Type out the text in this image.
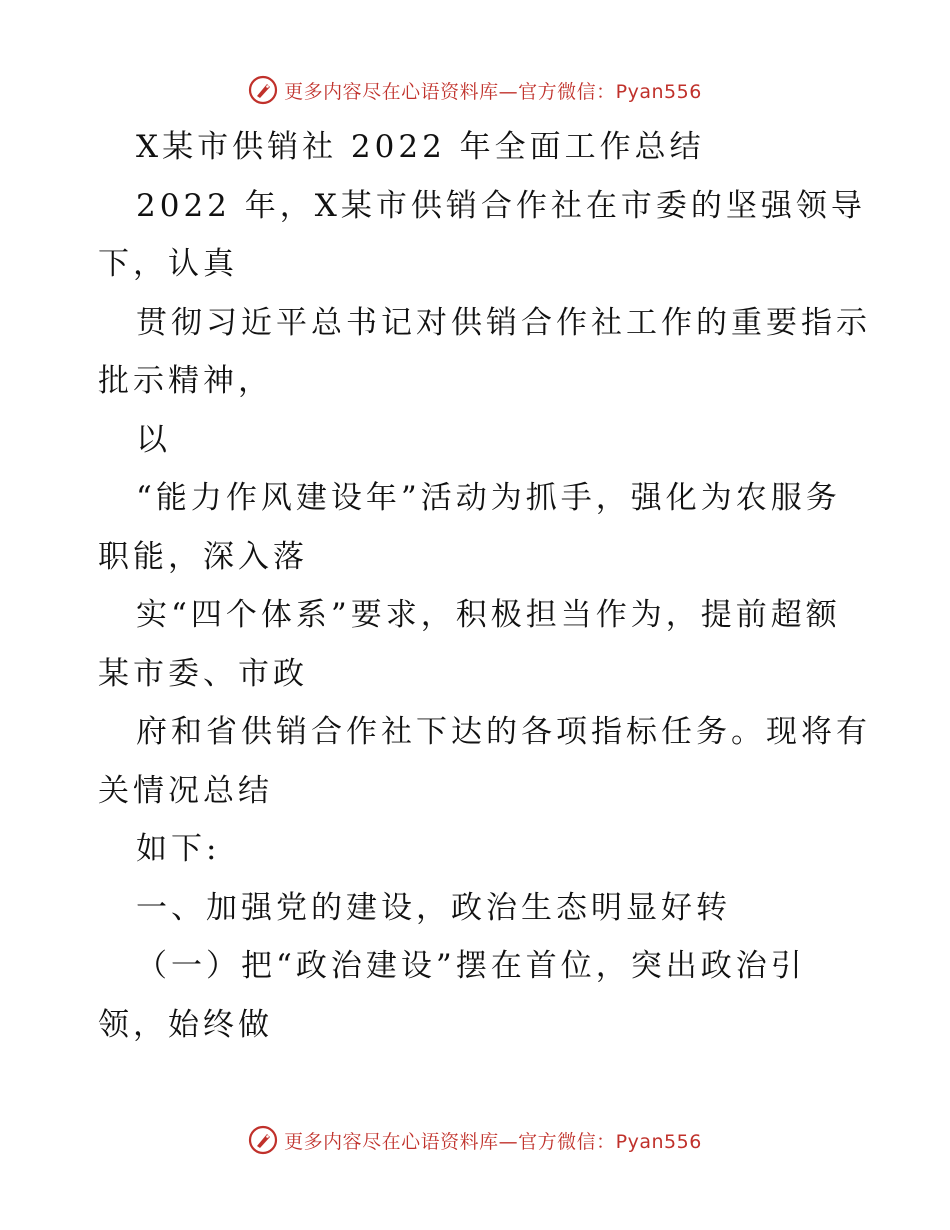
更多内容尽在心语资料库—官方微信：Pyan556
X某市供销社 2022 年全面工作总结
2022 年，X某市供销合作社在市委的坚强领导
下，认真
贯彻习近平总书记对供销合作社工作的重要指示
批示精神，
以
“能力作风建设年”活动为抓手，强化为农服务
职能，深入落
实“四个体系”要求，积极担当作为，提前超额
某市委、市政
府和省供销合作社下达的各项指标任务。现将有
关情况总结
如下:
一、加强党的建设，政治生态明显好转
（一）把“政治建设”摆在首位，突出政治引
领，始终做
更多内容尽在心语资料库—官方微信：Pyan556
